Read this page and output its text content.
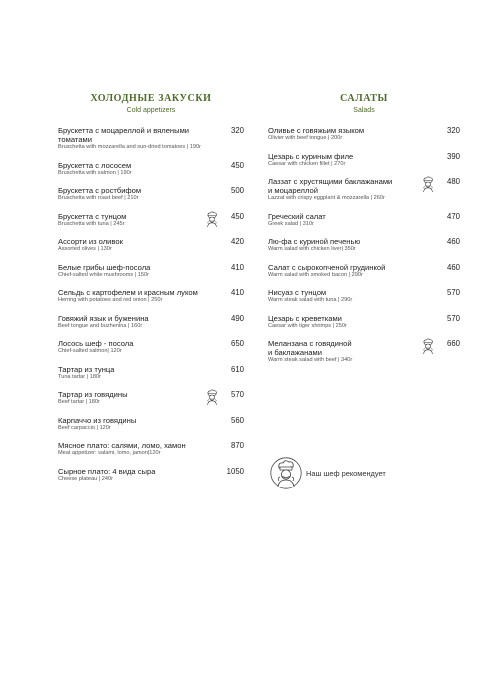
ХОЛОДНЫЕ ЗАКУСКИ
Cold appetizers
Брускетта с моцареллой и вялеными томатами
Bruschetta with mozzarella and sun-dried tomatoes | 190г
320
Брускетта с лососем
Bruschetta with salmon | 190г
450
Брускетта с ростбифом
Bruschetta with roast beef | 210г
500
Брускетта с тунцом
Bruschetta with tuna | 245г
450
Ассорти из оливок
Assorted olives | 130г
420
Белые грибы шеф-посола
Chief-salted white mushrooms | 150г
410
Сельдь с картофелем и красным луком
Herring with potatoes and red onion | 250г
410
Говяжий язык и буженина
Beef tongue and buzhenina | 160г
490
Лосось шеф - посола
Chief-salted salmon| 120г
650
Тартар из тунца
Tuna tartar | 180г
610
Тартар из говядины
Beef tartar | 180г
570
Карпаччо из говядины
Beef carpaccio | 120г
560
Мясное плато: салями, ломо, хамон
Meat appetizer: salami, lomo, jamon|120г
870
Сырное плато: 4 вида сыра
Cheese plateau | 240г
1050
САЛАТЫ
Salads
Оливье с говяжьим языком
Olivier with beef tongue | 200г
320
Цезарь с куриным филе
Caesar with chicken fillet | 270г
390
Лаззат с хрустящими баклажанами
и моцареллой
Lazzat with crispy eggplant & mozzarella | 260г
480
Греческий салат
Greek salad | 310г
470
Лю-фа с куриной печенью
Warm salad with chicken liver| 350г
460
Салат с сырокопченой грудинкой
Warm salad with smoked bacon | 290г
460
Нисуаз с тунцом
Warm steak salad with tuna | 290г
570
Цезарь с креветками
Caesar with tiger shrimps | 250г
570
Меланзана с говядиной
и баклажанами
Warm steak salad with beef | 340г
660
Наш шеф рекомендует
